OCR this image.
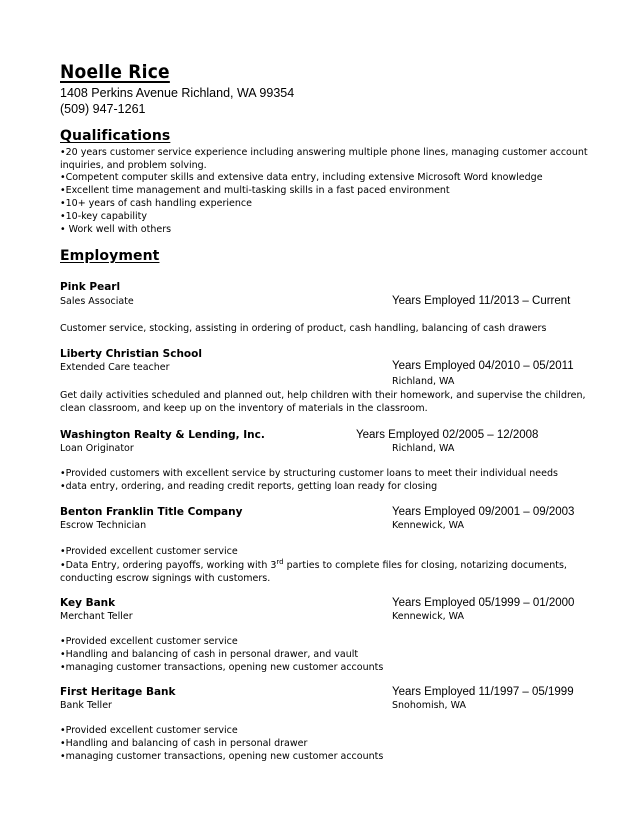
Noelle Rice
1408 Perkins Avenue Richland, WA 99354
(509) 947-1261
Qualifications
•20 years customer service experience including answering multiple phone lines, managing customer account
inquiries, and problem solving.
•Competent computer skills and extensive data entry, including extensive Microsoft Word knowledge
•Excellent time management and multi-tasking skills in a fast paced environment
•10+ years of cash handling experience
•10-key capability
• Work well with others
Employment
Pink Pearl
Sales Associate	Years Employed 11/2013 – Current
Customer service, stocking, assisting in ordering of product, cash handling, balancing of cash drawers
Liberty Christian School
Extended Care teacher	Years Employed 04/2010 – 05/2011
Richland, WA
Get daily activities scheduled and planned out, help children with their homework, and supervise the children,
clean classroom, and keep up on the inventory of materials in the classroom.
Washington Realty & Lending, Inc.	Years Employed 02/2005 – 12/2008
Loan Originator	Richland, WA
•Provided customers with excellent service by structuring customer loans to meet their individual needs
•data entry, ordering, and reading credit reports, getting loan ready for closing
Benton Franklin Title Company	Years Employed 09/2001 – 09/2003
Escrow Technician	Kennewick, WA
•Provided excellent customer service
•Data Entry, ordering payoffs, working with 3rd parties to complete files for closing, notarizing documents,
conducting escrow signings with customers.
Key Bank	Years Employed 05/1999 – 01/2000
Merchant Teller	Kennewick, WA
•Provided excellent customer service
•Handling and balancing of cash in personal drawer, and vault
•managing customer transactions, opening new customer accounts
First Heritage Bank	Years Employed 11/1997 – 05/1999
Bank Teller	Snohomish, WA
•Provided excellent customer service
•Handling and balancing of cash in personal drawer
•managing customer transactions, opening new customer accounts
